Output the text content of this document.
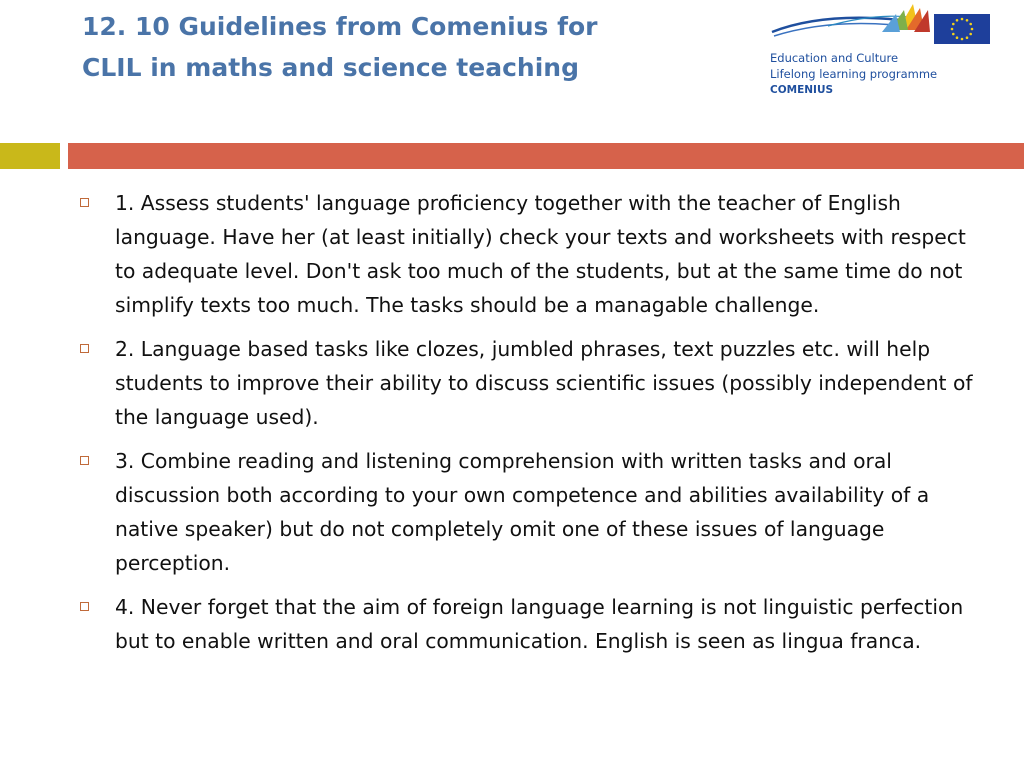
12. 10 Guidelines from Comenius for
CLIL in maths and science teaching	Education and Culture
Lifelong learning programme
COMENIUS
1. Assess students' language proficiency together with the teacher of English language. Have her (at least initially) check your texts and worksheets with respect to adequate level. Don't ask too much of the students, but at the same time do not simplify texts too much. The tasks should be a managable challenge.
2. Language based tasks like clozes, jumbled phrases, text puzzles etc. will help students to improve their ability to discuss scientific issues (possibly independent of the language used).
3. Combine reading and listening comprehension with written tasks and oral discussion both according to your own competence and abilities availability of a native speaker) but do not completely omit one of these issues of language perception.
4. Never forget that the aim of foreign language learning is not linguistic perfection but to enable written and oral communication. English is seen as lingua franca.
